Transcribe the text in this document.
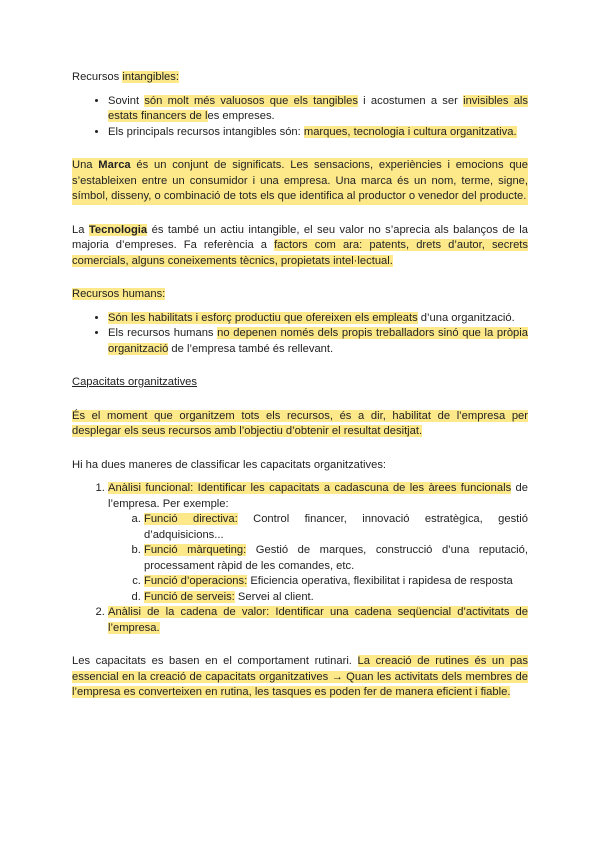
Recursos intangibles:

• Sovint són molt més valuosos que els tangibles i acostumen a ser invisibles als estats financers de les empreses.
• Els principals recursos intangibles són: marques, tecnologia i cultura organitzativa.

Una Marca és un conjunt de significats. Les sensacions, experiències i emocions que s’estableixen entre un consumidor i una empresa. Una marca és un nom, terme, signe, símbol, disseny, o combinació de tots els que identifica al productor o venedor del producte.

La Tecnologia és també un actiu intangible, el seu valor no s’aprecia als balanços de la majoria d’empreses. Fa referència a factors com ara: patents, drets d’autor, secrets comercials, alguns coneixements tècnics, propietats intel·lectual.

Recursos humans:

• Són les habilitats i esforç productiu que ofereixen els empleats d’una organització.
• Els recursos humans no depenen només dels propis treballadors sinó que la pròpia organització de l’empresa també és rellevant.

Capacitats organitzatives

És el moment que organitzem tots els recursos, és a dir, habilitat de l’empresa per desplegar els seus recursos amb l’objectiu d’obtenir el resultat desitjat.

Hi ha dues maneres de classificar les capacitats organitzatives:

1. Anàlisi funcional: Identificar les capacitats a cadascuna de les àrees funcionals de l’empresa. Per exemple:
a. Funció directiva: Control financer, innovació estratègica, gestió d’adquisicions...
b. Funció màrqueting: Gestió de marques, construcció d’una reputació, processament ràpid de les comandes, etc.
c. Funció d’operacions: Eficiencia operativa, flexibilitat i rapidesa de resposta
d. Funció de serveis: Servei al client.
2. Anàlisi de la cadena de valor: Identificar una cadena seqüencial d’activitats de l’empresa.

Les capacitats es basen en el comportament rutinari. La creació de rutines és un pas essencial en la creació de capacitats organitzatives → Quan les activitats dels membres de l’empresa es converteixen en rutina, les tasques es poden fer de manera eficient i fiable.
